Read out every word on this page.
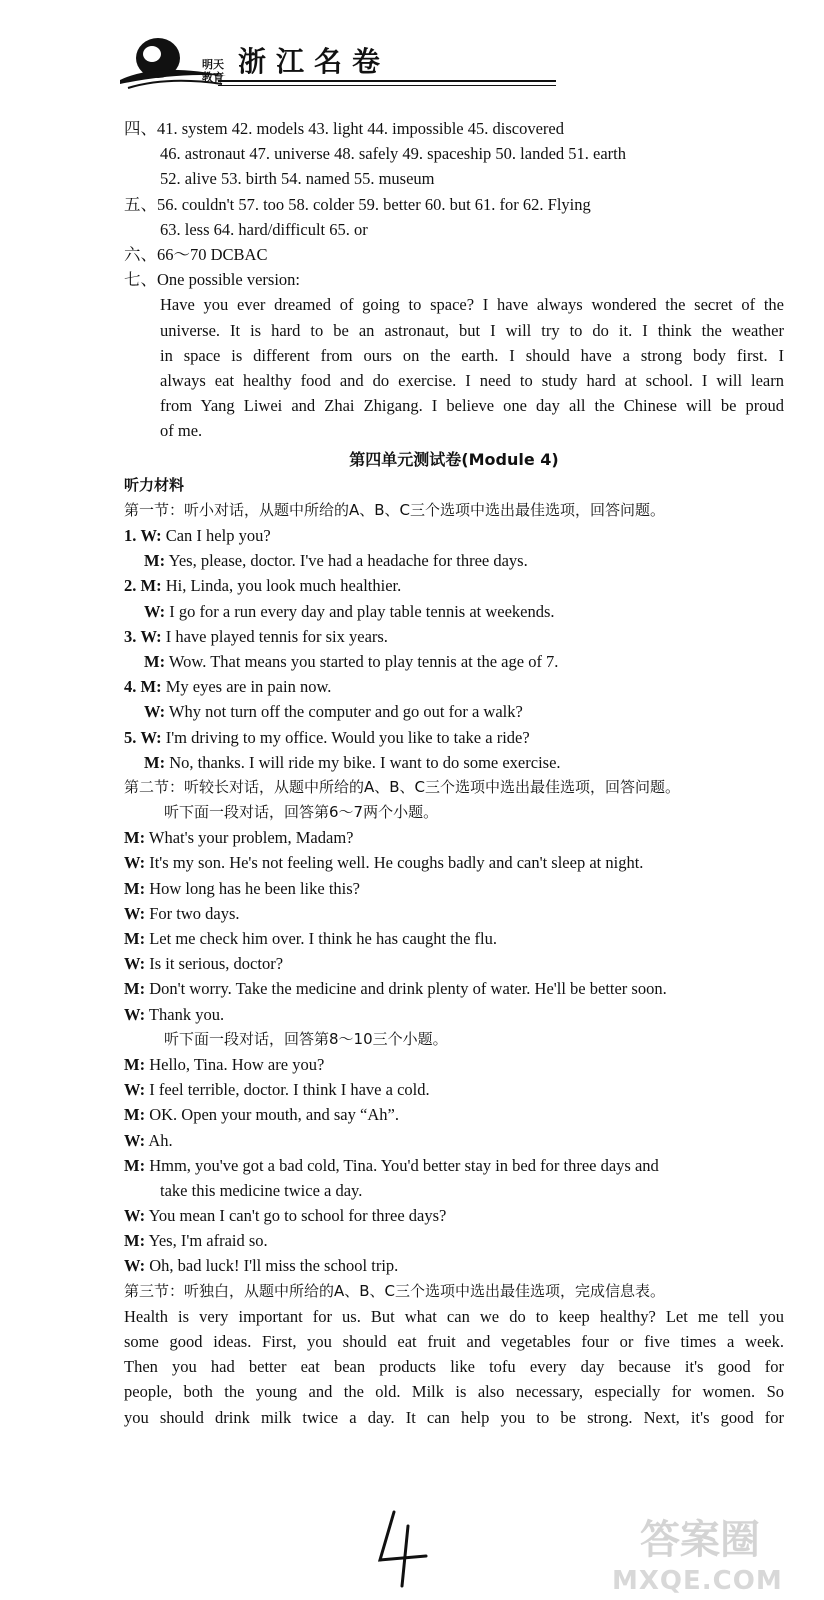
明天
教育 浙江名卷
四、41. system 42. models 43. light 44. impossible 45. discovered
46. astronaut 47. universe 48. safely 49. spaceship 50. landed 51. earth
52. alive 53. birth 54. named 55. museum
五、56. couldn't 57. too 58. colder 59. better 60. but 61. for 62. Flying
63. less 64. hard/difficult 65. or
六、66～70 DCBAC
七、One possible version:
Have you ever dreamed of going to space? I have always wondered the secret of the
universe. It is hard to be an astronaut, but I will try to do it. I think the weather
in space is different from ours on the earth. I should have a strong body first. I
always eat healthy food and do exercise. I need to study hard at school. I will learn
from Yang Liwei and Zhai Zhigang. I believe one day all the Chinese will be proud
of me.
第四单元测试卷(Module 4)
听力材料
第一节：听小对话，从题中所给的A、B、C三个选项中选出最佳选项，回答问题。
1. W: Can I help you?
M: Yes, please, doctor. I've had a headache for three days.
2. M: Hi, Linda, you look much healthier.
W: I go for a run every day and play table tennis at weekends.
3. W: I have played tennis for six years.
M: Wow. That means you started to play tennis at the age of 7.
4. M: My eyes are in pain now.
W: Why not turn off the computer and go out for a walk?
5. W: I'm driving to my office. Would you like to take a ride?
M: No, thanks. I will ride my bike. I want to do some exercise.
第二节：听较长对话，从题中所给的A、B、C三个选项中选出最佳选项，回答问题。
听下面一段对话，回答第6～7两个小题。
M: What's your problem, Madam?
W: It's my son. He's not feeling well. He coughs badly and can't sleep at night.
M: How long has he been like this?
W: For two days.
M: Let me check him over. I think he has caught the flu.
W: Is it serious, doctor?
M: Don't worry. Take the medicine and drink plenty of water. He'll be better soon.
W: Thank you.
听下面一段对话，回答第8～10三个小题。
M: Hello, Tina. How are you?
W: I feel terrible, doctor. I think I have a cold.
M: OK. Open your mouth, and say “Ah”.
W: Ah.
M: Hmm, you've got a bad cold, Tina. You'd better stay in bed for three days and
take this medicine twice a day.
W: You mean I can't go to school for three days?
M: Yes, I'm afraid so.
W: Oh, bad luck! I'll miss the school trip.
第三节：听独白，从题中所给的A、B、C三个选项中选出最佳选项，完成信息表。
Health is very important for us. But what can we do to keep healthy? Let me tell you
some good ideas. First, you should eat fruit and vegetables four or five times a week.
Then you had better eat bean products like tofu every day because it's good for
people, both the young and the old. Milk is also necessary, especially for women. So
you should drink milk twice a day. It can help you to be strong. Next, it's good for
答案圈
MXQE.COM
